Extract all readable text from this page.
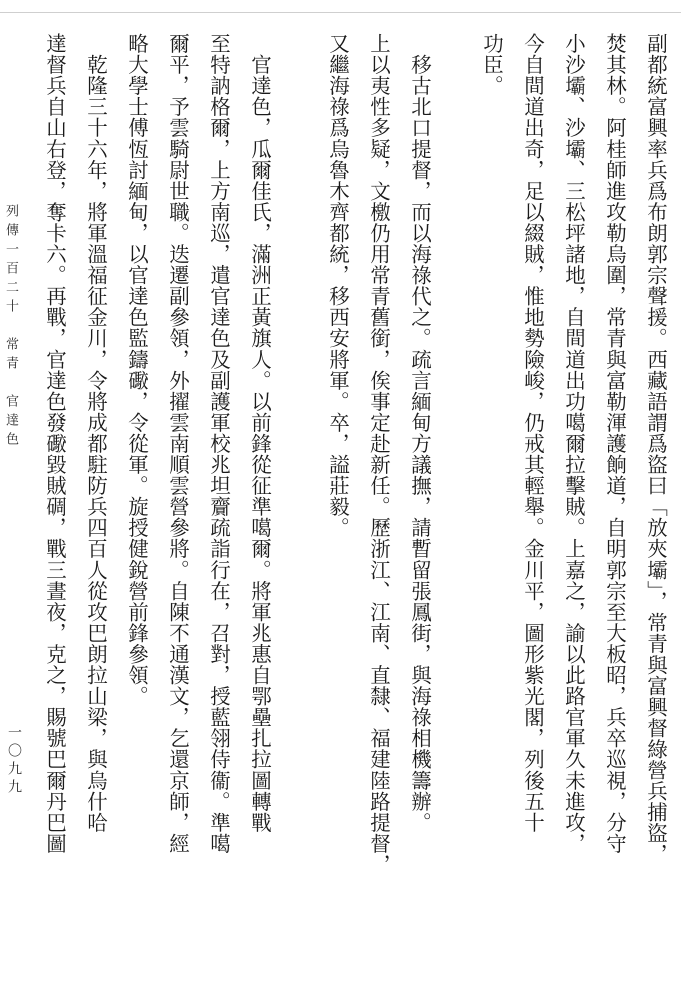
副都統富興率兵爲布朗郭宗聲援。西藏語謂爲盜曰「放夾壩」，常青與富興督綠營兵捕盜，
焚其林。阿桂師進攻勒烏圍，常青與富勒渾護餉道，自明郭宗至大板昭，兵卒巡視，分守
小沙壩、沙壩、三松坪諸地，自間道出功噶爾拉擊賊。上嘉之，諭以此路官軍久未進攻，
今自間道出奇，足以綴賊，惟地勢險峻，仍戒其輕舉。金川平，圖形紫光閣，列後五十
功臣。
　移古北口提督，而以海祿代之。疏言緬甸方議撫，請暫留張鳳街，與海祿相機籌辦。
上以夷性多疑，文檄仍用常青舊銜，俟事定赴新任。歷浙江、江南、直隸、福建陸路提督，
又繼海祿爲烏魯木齊都統，移西安將軍。卒，謚莊毅。
　官達色，瓜爾佳氏，滿洲正黃旗人。以前鋒從征準噶爾。將軍兆惠自鄂壘扎拉圖轉戰
至特訥格爾，上方南巡，遣官達色及副護軍校兆坦齎疏詣行在，召對，授藍翎侍衞。準噶
爾平，予雲騎尉世職。迭遷副參領，外擢雲南順雲營參將。自陳不通漢文，乞還京師，經
略大學士傅恆討緬甸，以官達色監鑄礮，令從軍。旋授健銳營前鋒參領。
　乾隆三十六年，將軍溫福征金川，令將成都駐防兵四百人從攻巴朗拉山梁，與烏什哈
達督兵自山右登，奪卡六。再戰，官達色發礮毀賊碉，戰三晝夜，克之，賜號巴爾丹巴圖
列傳一百二十　常青　官達色
一〇九九
